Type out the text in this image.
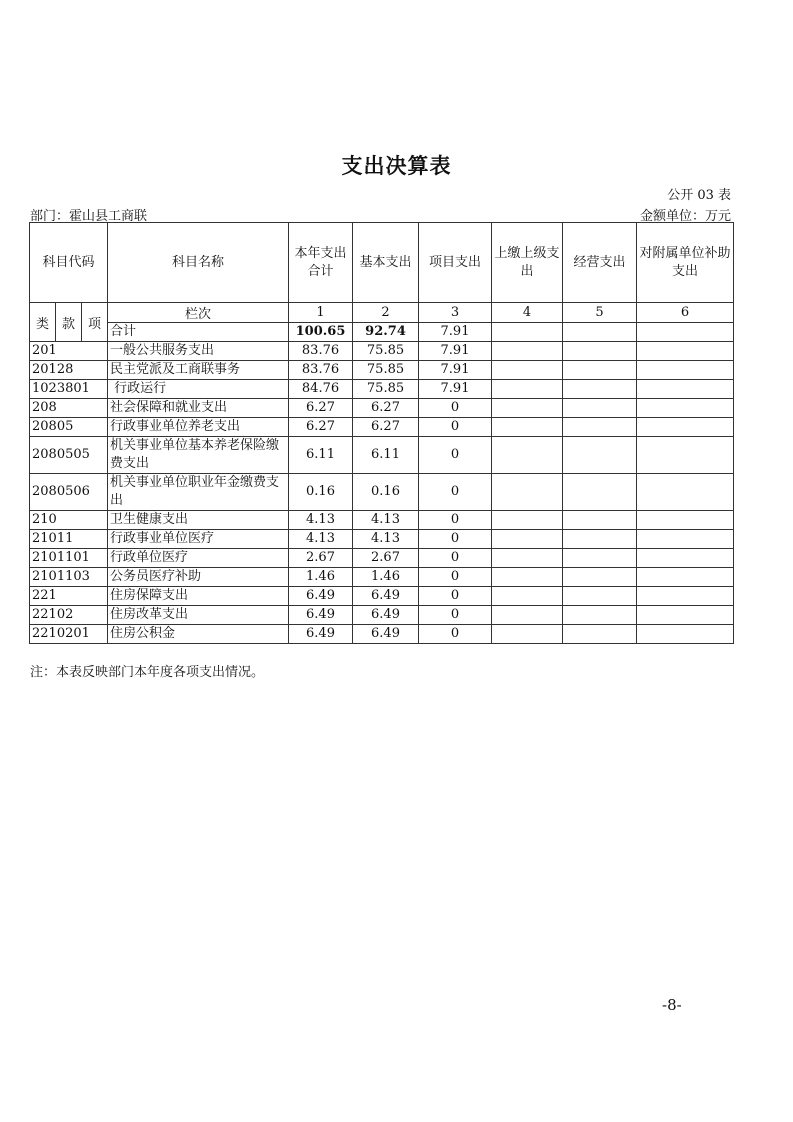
支出决算表
公开 03 表
部门：霍山县工商联	金额单位：万元
科目代码			科目名称	本年支出合计	基本支出	项目支出	上缴上级支出	经营支出	对附属单位补助支出
类	款	项	栏次	1	2	3	4	5	6
			合计	100.65	92.74	7.91			
201			一般公共服务支出	83.76	75.85	7.91			
20128			民主党派及工商联事务	83.76	75.85	7.91			
1023801			行政运行	84.76	75.85	7.91			
208			社会保障和就业支出	6.27	6.27	0			
20805			行政事业单位养老支出	6.27	6.27	0			
2080505			机关事业单位基本养老保险缴费支出	6.11	6.11	0			
2080506			机关事业单位职业年金缴费支出	0.16	0.16	0			
210			卫生健康支出	4.13	4.13	0			
21011			行政事业单位医疗	4.13	4.13	0			
2101101			行政单位医疗	2.67	2.67	0			
2101103			公务员医疗补助	1.46	1.46	0			
221			住房保障支出	6.49	6.49	0			
22102			住房改革支出	6.49	6.49	0			
2210201			住房公积金	6.49	6.49	0			
注：本表反映部门本年度各项支出情况。
-8-
